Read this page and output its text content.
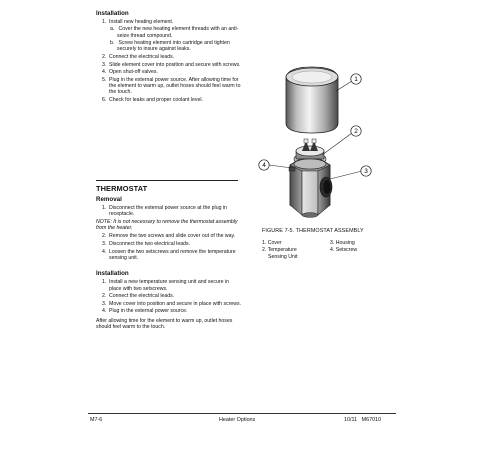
Installation
1. Install new heating element.
a. Cover the new heating element threads with an anti-seize thread compound.
b. Screw heating element into cartridge and tighten securely to insure against leaks.
2. Connect the electrical leads.
3. Slide element cover into position and secure with screws.
4. Open shut-off valves.
5. Plug in the external power source. After allowing time for the element to warm up, outlet hoses should feel warm to the touch.
6. Check for leaks and proper coolant level.
THERMOSTAT
Removal
1. Disconnect the external power source at the plug in receptacle.
NOTE: It is not necessary to remove the thermostat assembly from the heater.
2. Remove the two screws and slide cover out of the way.
3. Disconnect the two electrical leads.
4. Loosen the two setscrews and remove the temperature sensing unit.
Installation
1. Install a new temperature sensing unit and secure in place with two setscrews.
2. Connect the electrical leads.
3. Move cover into position and secure in place with screws.
4. Plug in the external power source.
After allowing time for the element to warm up, outlet hoses should feel warm to the touch.
1
2
3
4
FIGURE 7-5. THERMOSTAT ASSEMBLY
1. Cover
2. Temperature
Sensing Unit
3. Housing
4. Setscrew
M7-6	Heater Options	10/11   M67010
